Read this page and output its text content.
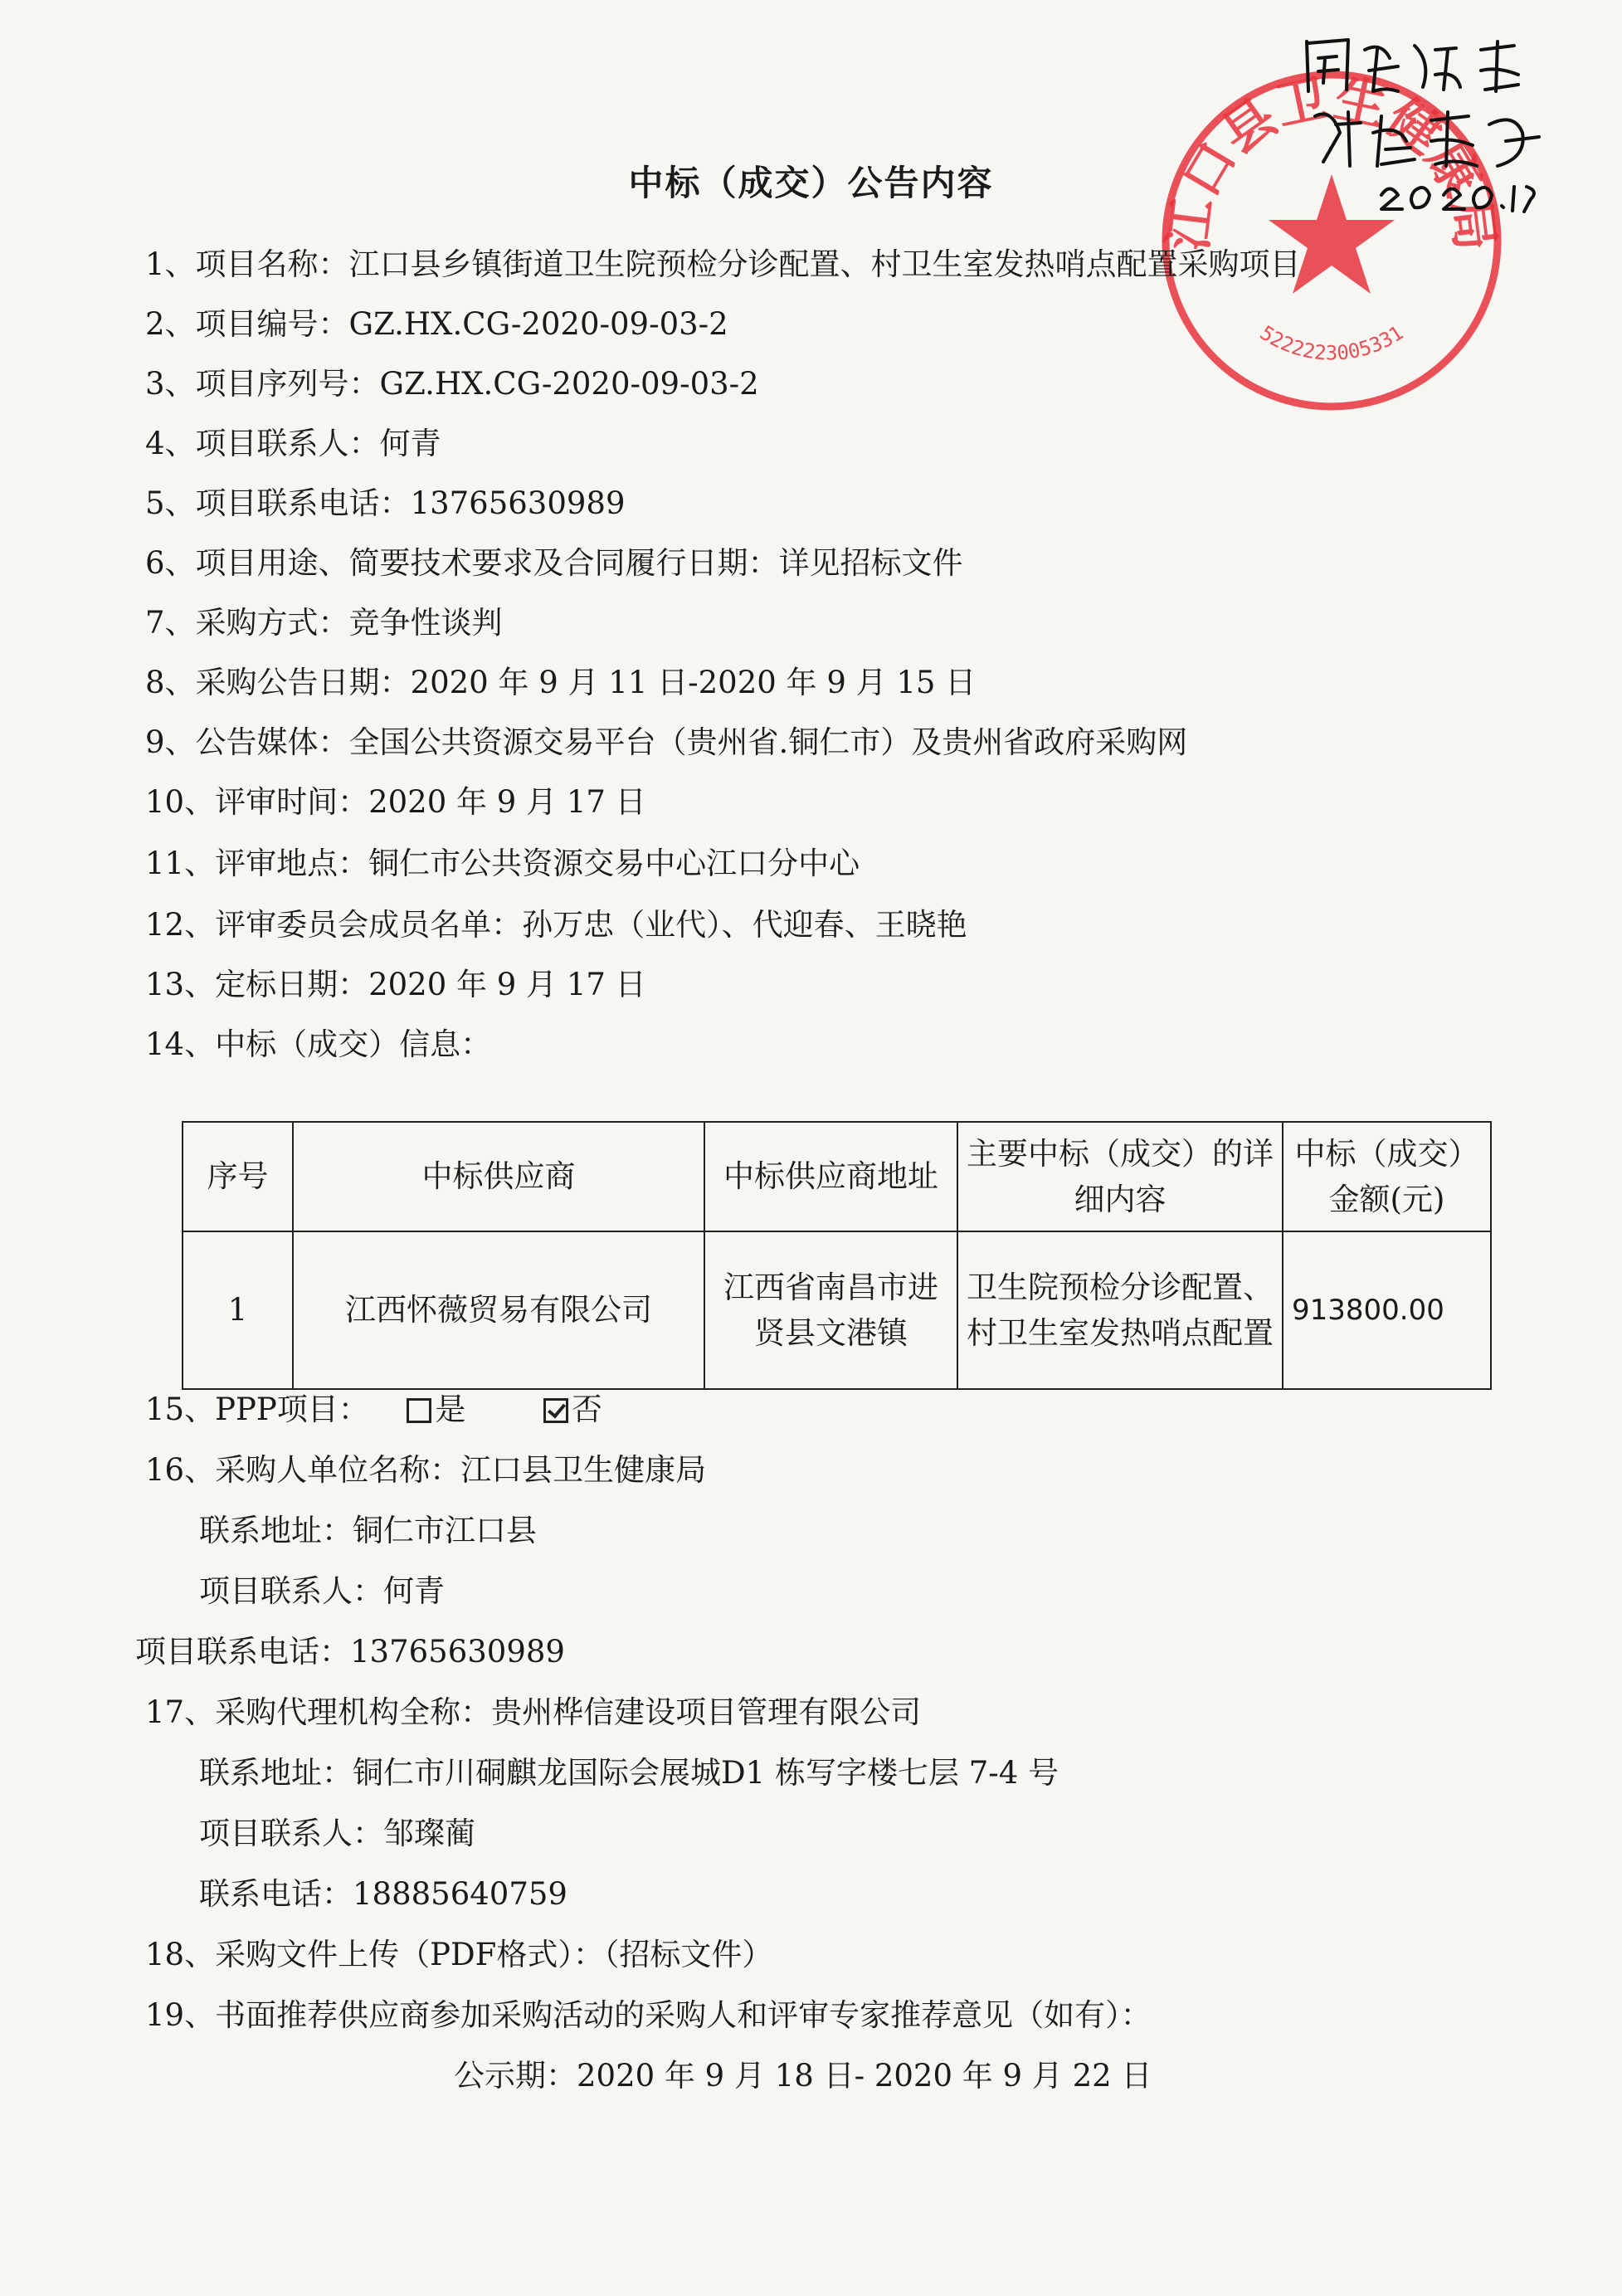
江口县卫生健康局
5222223005331
中标（成交）公告内容
1、项目名称：江口县乡镇街道卫生院预检分诊配置、村卫生室发热哨点配置采购项目
2、项目编号：GZ.HX.CG-2020-09-03-2
3、项目序列号：GZ.HX.CG-2020-09-03-2
4、项目联系人：何青
5、项目联系电话：13765630989
6、项目用途、简要技术要求及合同履行日期：详见招标文件
7、采购方式：竞争性谈判
8、采购公告日期：2020 年 9 月 11 日-2020 年 9 月 15 日
9、公告媒体：全国公共资源交易平台（贵州省.铜仁市）及贵州省政府采购网
10、评审时间：2020 年 9 月 17 日
11、评审地点：铜仁市公共资源交易中心江口分中心
12、评审委员会成员名单：孙万忠（业代）、代迎春、王晓艳
13、定标日期：2020 年 9 月 17 日
14、中标（成交）信息：
序号	中标供应商	中标供应商地址	主要中标（成交）的详细内容	中标（成交）金额(元)
1	江西怀薇贸易有限公司	江西省南昌市进贤县文港镇	卫生院预检分诊配置、村卫生室发热哨点配置	913800.00
15、PPP项目： 是	否
16、采购人单位名称：江口县卫生健康局
联系地址：铜仁市江口县
项目联系人：何青
项目联系电话：13765630989
17、采购代理机构全称：贵州桦信建设项目管理有限公司
联系地址：铜仁市川硐麒龙国际会展城D1 栋写字楼七层 7-4 号
项目联系人：邹璨蔺
联系电话：18885640759
18、采购文件上传（PDF格式）：（招标文件）
19、书面推荐供应商参加采购活动的采购人和评审专家推荐意见（如有）：
公示期：2020 年 9 月 18 日- 2020 年 9 月 22 日
